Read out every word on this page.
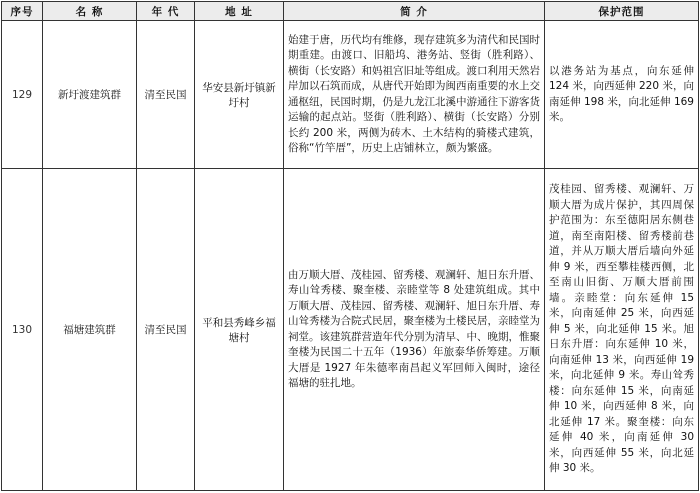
序号	名 称	年 代	地 址	简 介	保护范围
129	新圩渡建筑群	清至民国	华安县新圩镇新圩村	始建于唐，历代均有维修，现存建筑多为清代和民国时期重建。由渡口、旧船坞、港务站、竖街（胜利路）、横街（长安路）和妈祖宫旧址等组成。渡口利用天然岩岸加以石筑而成，从唐代开始即为闽西南重要的水上交通枢纽，民国时期，仍是九龙江北溪中游通往下游客货运输的起点站。竖街（胜利路）、横街（长安路）分别长约 200 米，两侧为砖木、土木结构的骑楼式建筑，俗称“竹竿厝”，历史上店铺林立，颇为繁盛。	以港务站为基点，向东延伸 124 米，向西延伸 220 米，向南延伸 198 米，向北延伸 169 米。

130	福塘建筑群	清至民国	平和县秀峰乡福塘村	由万顺大厝、茂桂园、留秀楼、观澜轩、旭日东升厝、寿山耸秀楼、聚奎楼、亲睦堂等 8 处建筑组成。其中万顺大厝、茂桂园、留秀楼、观澜轩、旭日东升厝、寿山耸秀楼为合院式民居，聚奎楼为土楼民居，亲睦堂为祠堂。该建筑群营造年代分别为清早、中、晚期，惟聚奎楼为民国二十五年（1936）年旅泰华侨筹建。万顺大厝是 1927 年朱德率南昌起义军回师入闽时，途径福塘的驻扎地。	茂桂园、留秀楼、观澜轩、万顺大厝为成片保护，其四周保护范围为：东至德阳居东侧巷道，南至南阳楼、留秀楼前巷道，并从万顺大厝后墙向外延伸 9 米，西至攀桂楼西侧，北至南山旧街、万顺大厝前围墙。亲睦堂：向东延伸 15 米，向南延伸 25 米，向西延伸 5 米，向北延伸 15 米。旭日东升厝：向东延伸 10 米，向南延伸 13 米，向西延伸 19 米，向北延伸 9 米。寿山耸秀楼：向东延伸 15 米，向南延伸 10 米，向西延伸 8 米，向北延伸 17 米。聚奎楼：向东延伸 40 米，向南延伸 30 米，向西延伸 55 米，向北延伸 30 米。
